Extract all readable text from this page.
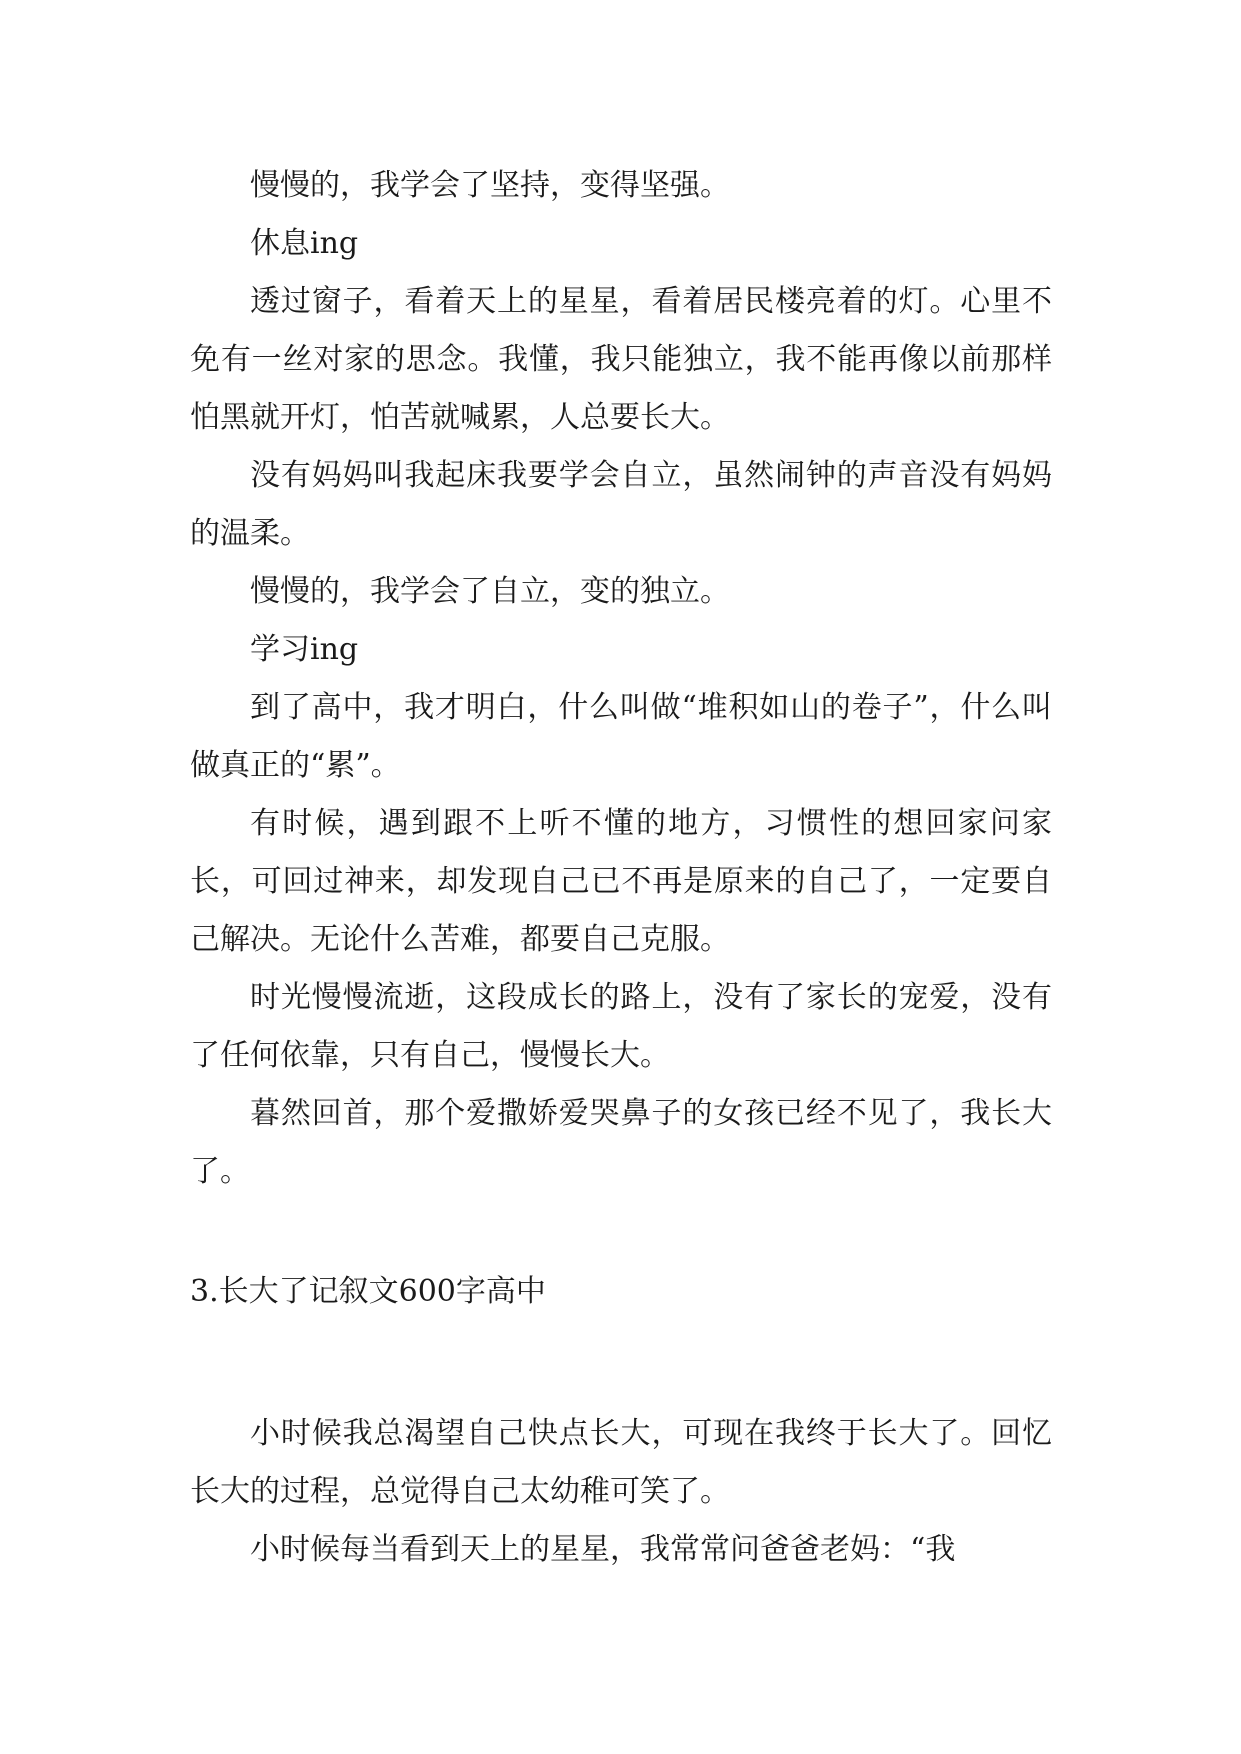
慢慢的，我学会了坚持，变得坚强。

休息ing

透过窗子，看着天上的星星，看着居民楼亮着的灯。心里不免有一丝对家的思念。我懂，我只能独立，我不能再像以前那样怕黑就开灯，怕苦就喊累，人总要长大。

没有妈妈叫我起床我要学会自立，虽然闹钟的声音没有妈妈的温柔。

慢慢的，我学会了自立，变的独立。

学习ing

到了高中，我才明白，什么叫做“堆积如山的卷子”，什么叫做真正的“累”。

有时候，遇到跟不上听不懂的地方，习惯性的想回家问家长，可回过神来，却发现自己已不再是原来的自己了，一定要自己解决。无论什么苦难，都要自己克服。

时光慢慢流逝，这段成长的路上，没有了家长的宠爱，没有了任何依靠，只有自己，慢慢长大。

暮然回首，那个爱撒娇爱哭鼻子的女孩已经不见了，我长大了。

3.长大了记叙文600字高中

小时候我总渴望自己快点长大，可现在我终于长大了。回忆长大的过程，总觉得自己太幼稚可笑了。

小时候每当看到天上的星星，我常常问爸爸老妈：“我
